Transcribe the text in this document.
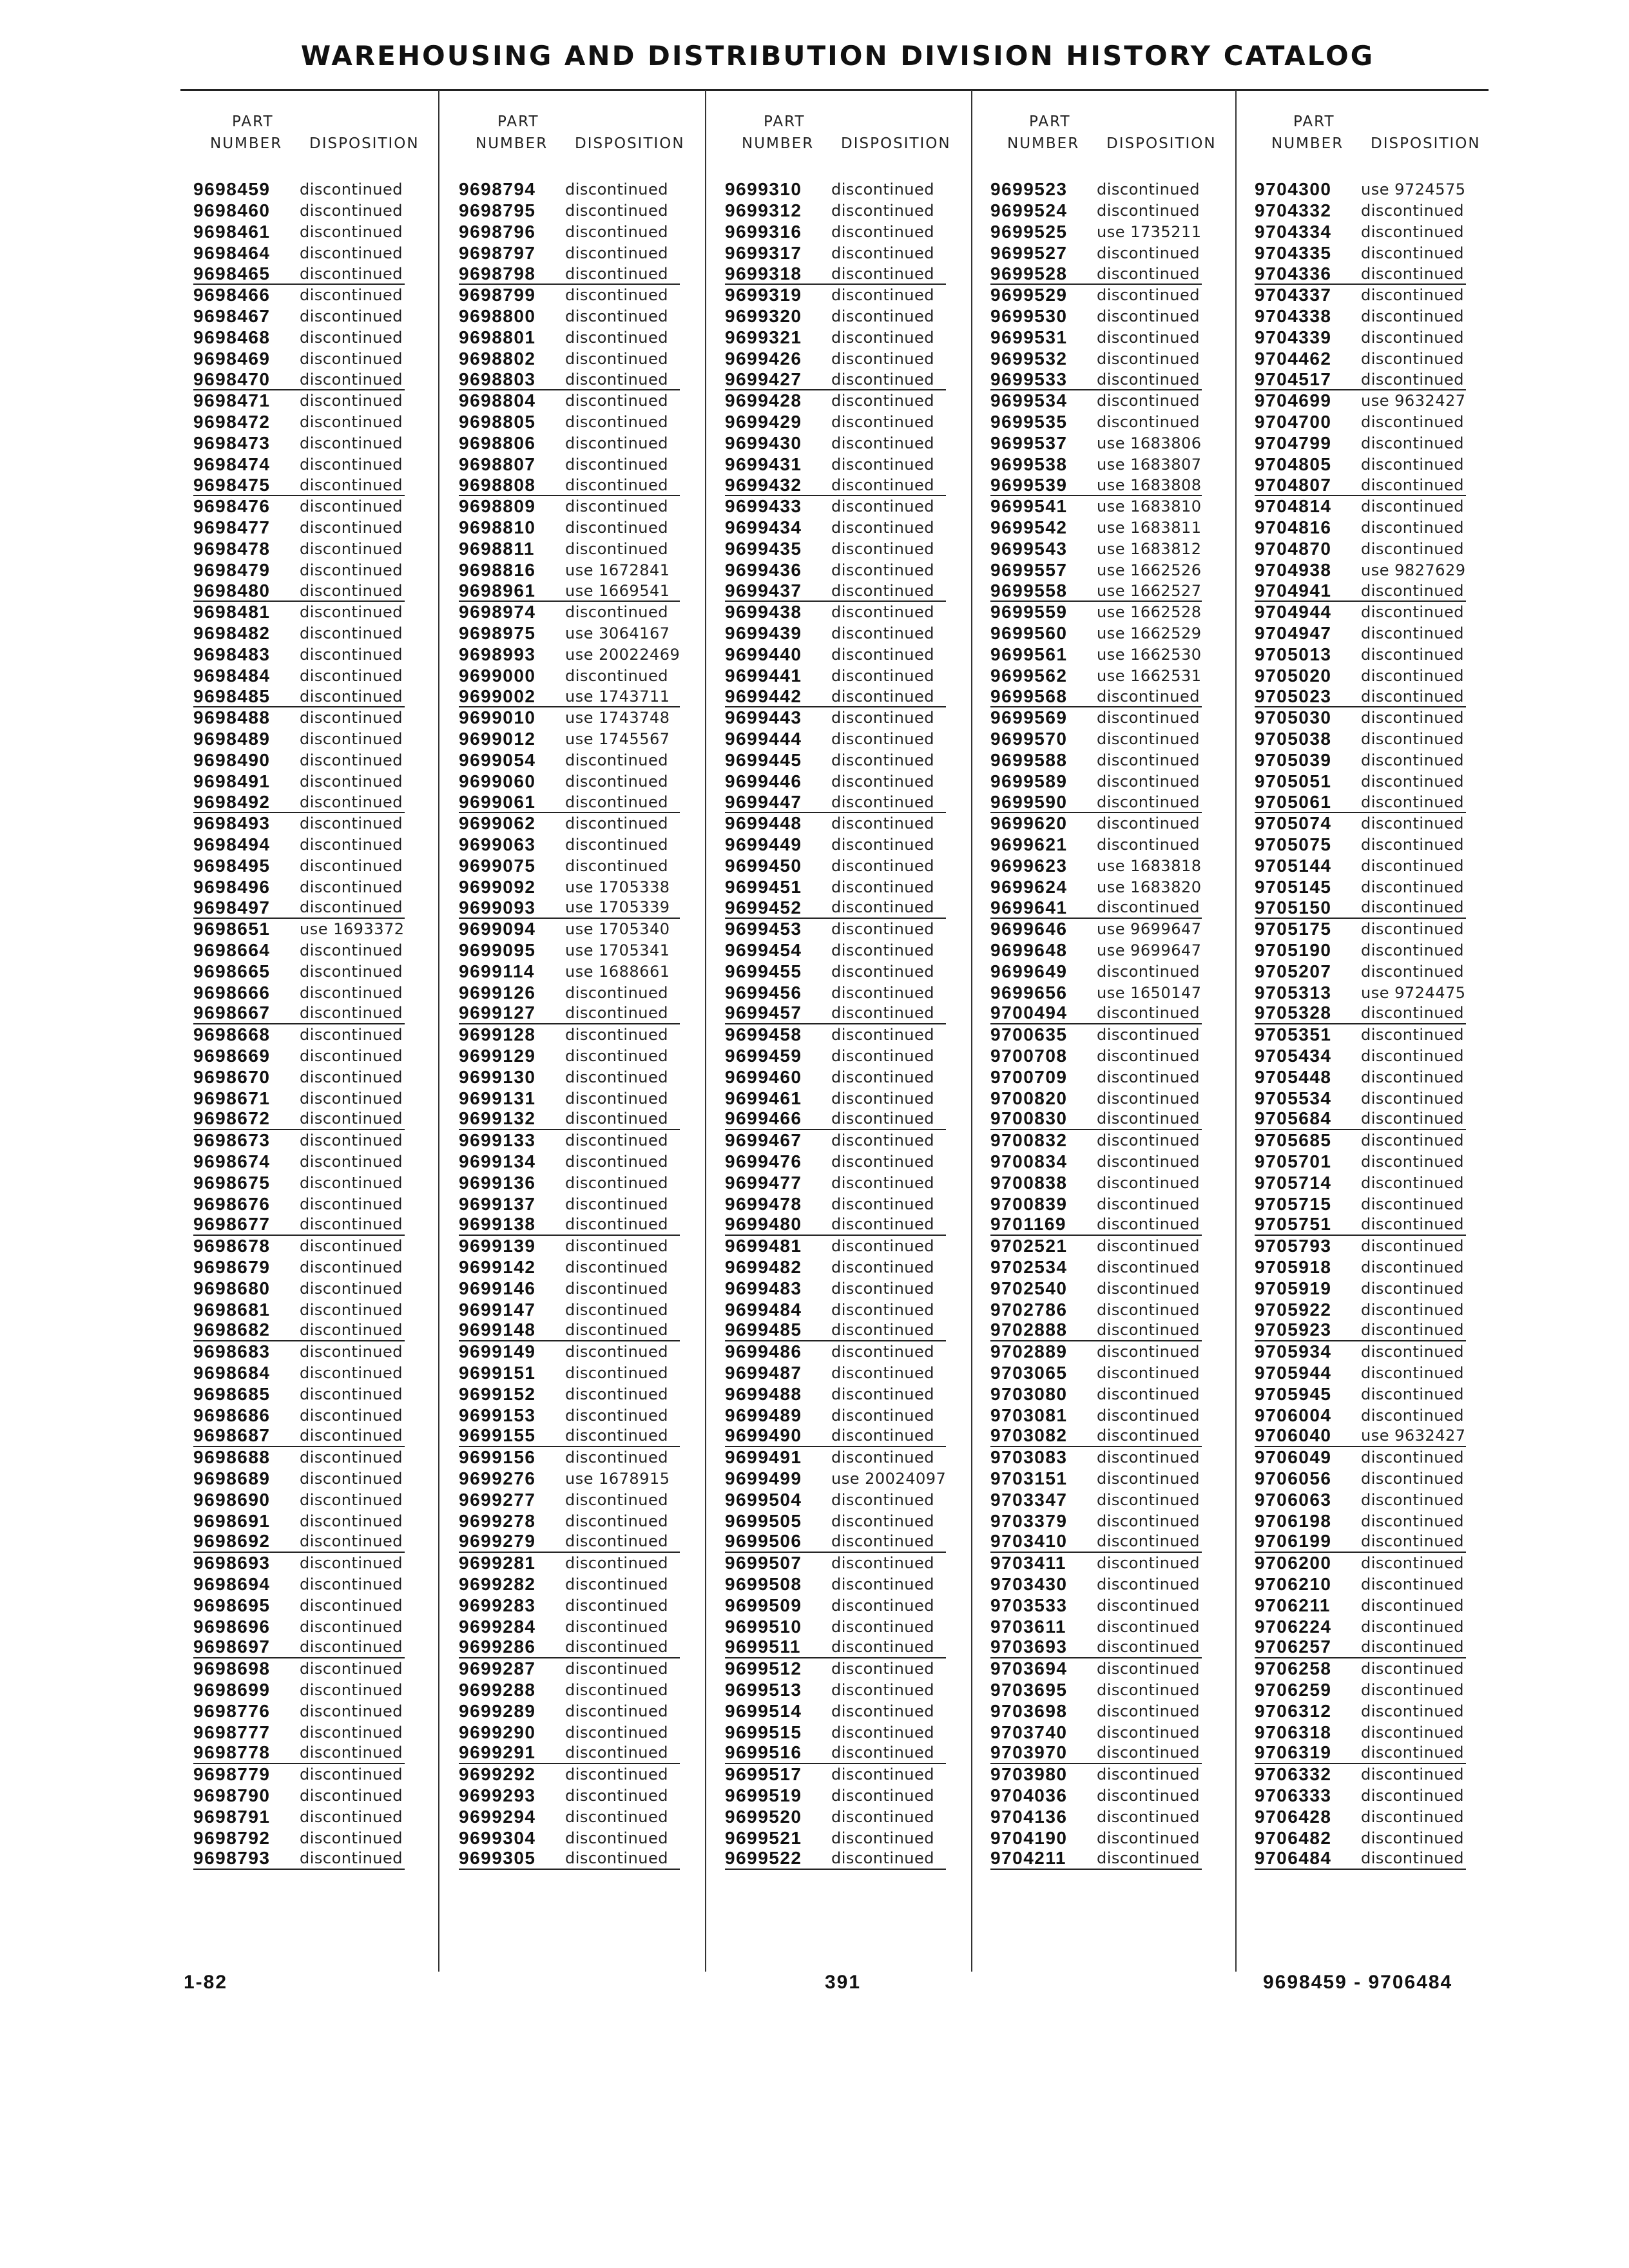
WAREHOUSING AND DISTRIBUTION DIVISION HISTORY CATALOG
PART
NUMBER DISPOSITION
9698459	discontinued
9698460	discontinued
9698461	discontinued
9698464	discontinued
9698465	discontinued
9698466	discontinued
9698467	discontinued
9698468	discontinued
9698469	discontinued
9698470	discontinued
9698471	discontinued
9698472	discontinued
9698473	discontinued
9698474	discontinued
9698475	discontinued
9698476	discontinued
9698477	discontinued
9698478	discontinued
9698479	discontinued
9698480	discontinued
9698481	discontinued
9698482	discontinued
9698483	discontinued
9698484	discontinued
9698485	discontinued
9698488	discontinued
9698489	discontinued
9698490	discontinued
9698491	discontinued
9698492	discontinued
9698493	discontinued
9698494	discontinued
9698495	discontinued
9698496	discontinued
9698497	discontinued
9698651	use 1693372
9698664	discontinued
9698665	discontinued
9698666	discontinued
9698667	discontinued
9698668	discontinued
9698669	discontinued
9698670	discontinued
9698671	discontinued
9698672	discontinued
9698673	discontinued
9698674	discontinued
9698675	discontinued
9698676	discontinued
9698677	discontinued
9698678	discontinued
9698679	discontinued
9698680	discontinued
9698681	discontinued
9698682	discontinued
9698683	discontinued
9698684	discontinued
9698685	discontinued
9698686	discontinued
9698687	discontinued
9698688	discontinued
9698689	discontinued
9698690	discontinued
9698691	discontinued
9698692	discontinued
9698693	discontinued
9698694	discontinued
9698695	discontinued
9698696	discontinued
9698697	discontinued
9698698	discontinued
9698699	discontinued
9698776	discontinued
9698777	discontinued
9698778	discontinued
9698779	discontinued
9698790	discontinued
9698791	discontinued
9698792	discontinued
9698793	discontinued
PART
NUMBER DISPOSITION
9698794	discontinued
9698795	discontinued
9698796	discontinued
9698797	discontinued
9698798	discontinued
9698799	discontinued
9698800	discontinued
9698801	discontinued
9698802	discontinued
9698803	discontinued
9698804	discontinued
9698805	discontinued
9698806	discontinued
9698807	discontinued
9698808	discontinued
9698809	discontinued
9698810	discontinued
9698811	discontinued
9698816	use 1672841
9698961	use 1669541
9698974	discontinued
9698975	use 3064167
9698993	use 20022469
9699000	discontinued
9699002	use 1743711
9699010	use 1743748
9699012	use 1745567
9699054	discontinued
9699060	discontinued
9699061	discontinued
9699062	discontinued
9699063	discontinued
9699075	discontinued
9699092	use 1705338
9699093	use 1705339
9699094	use 1705340
9699095	use 1705341
9699114	use 1688661
9699126	discontinued
9699127	discontinued
9699128	discontinued
9699129	discontinued
9699130	discontinued
9699131	discontinued
9699132	discontinued
9699133	discontinued
9699134	discontinued
9699136	discontinued
9699137	discontinued
9699138	discontinued
9699139	discontinued
9699142	discontinued
9699146	discontinued
9699147	discontinued
9699148	discontinued
9699149	discontinued
9699151	discontinued
9699152	discontinued
9699153	discontinued
9699155	discontinued
9699156	discontinued
9699276	use 1678915
9699277	discontinued
9699278	discontinued
9699279	discontinued
9699281	discontinued
9699282	discontinued
9699283	discontinued
9699284	discontinued
9699286	discontinued
9699287	discontinued
9699288	discontinued
9699289	discontinued
9699290	discontinued
9699291	discontinued
9699292	discontinued
9699293	discontinued
9699294	discontinued
9699304	discontinued
9699305	discontinued
PART
NUMBER DISPOSITION
9699310	discontinued
9699312	discontinued
9699316	discontinued
9699317	discontinued
9699318	discontinued
9699319	discontinued
9699320	discontinued
9699321	discontinued
9699426	discontinued
9699427	discontinued
9699428	discontinued
9699429	discontinued
9699430	discontinued
9699431	discontinued
9699432	discontinued
9699433	discontinued
9699434	discontinued
9699435	discontinued
9699436	discontinued
9699437	discontinued
9699438	discontinued
9699439	discontinued
9699440	discontinued
9699441	discontinued
9699442	discontinued
9699443	discontinued
9699444	discontinued
9699445	discontinued
9699446	discontinued
9699447	discontinued
9699448	discontinued
9699449	discontinued
9699450	discontinued
9699451	discontinued
9699452	discontinued
9699453	discontinued
9699454	discontinued
9699455	discontinued
9699456	discontinued
9699457	discontinued
9699458	discontinued
9699459	discontinued
9699460	discontinued
9699461	discontinued
9699466	discontinued
9699467	discontinued
9699476	discontinued
9699477	discontinued
9699478	discontinued
9699480	discontinued
9699481	discontinued
9699482	discontinued
9699483	discontinued
9699484	discontinued
9699485	discontinued
9699486	discontinued
9699487	discontinued
9699488	discontinued
9699489	discontinued
9699490	discontinued
9699491	discontinued
9699499	use 20024097
9699504	discontinued
9699505	discontinued
9699506	discontinued
9699507	discontinued
9699508	discontinued
9699509	discontinued
9699510	discontinued
9699511	discontinued
9699512	discontinued
9699513	discontinued
9699514	discontinued
9699515	discontinued
9699516	discontinued
9699517	discontinued
9699519	discontinued
9699520	discontinued
9699521	discontinued
9699522	discontinued
PART
NUMBER DISPOSITION
9699523	discontinued
9699524	discontinued
9699525	use 1735211
9699527	discontinued
9699528	discontinued
9699529	discontinued
9699530	discontinued
9699531	discontinued
9699532	discontinued
9699533	discontinued
9699534	discontinued
9699535	discontinued
9699537	use 1683806
9699538	use 1683807
9699539	use 1683808
9699541	use 1683810
9699542	use 1683811
9699543	use 1683812
9699557	use 1662526
9699558	use 1662527
9699559	use 1662528
9699560	use 1662529
9699561	use 1662530
9699562	use 1662531
9699568	discontinued
9699569	discontinued
9699570	discontinued
9699588	discontinued
9699589	discontinued
9699590	discontinued
9699620	discontinued
9699621	discontinued
9699623	use 1683818
9699624	use 1683820
9699641	discontinued
9699646	use 9699647
9699648	use 9699647
9699649	discontinued
9699656	use 1650147
9700494	discontinued
9700635	discontinued
9700708	discontinued
9700709	discontinued
9700820	discontinued
9700830	discontinued
9700832	discontinued
9700834	discontinued
9700838	discontinued
9700839	discontinued
9701169	discontinued
9702521	discontinued
9702534	discontinued
9702540	discontinued
9702786	discontinued
9702888	discontinued
9702889	discontinued
9703065	discontinued
9703080	discontinued
9703081	discontinued
9703082	discontinued
9703083	discontinued
9703151	discontinued
9703347	discontinued
9703379	discontinued
9703410	discontinued
9703411	discontinued
9703430	discontinued
9703533	discontinued
9703611	discontinued
9703693	discontinued
9703694	discontinued
9703695	discontinued
9703698	discontinued
9703740	discontinued
9703970	discontinued
9703980	discontinued
9704036	discontinued
9704136	discontinued
9704190	discontinued
9704211	discontinued
PART
NUMBER DISPOSITION
9704300	use 9724575
9704332	discontinued
9704334	discontinued
9704335	discontinued
9704336	discontinued
9704337	discontinued
9704338	discontinued
9704339	discontinued
9704462	discontinued
9704517	discontinued
9704699	use 9632427
9704700	discontinued
9704799	discontinued
9704805	discontinued
9704807	discontinued
9704814	discontinued
9704816	discontinued
9704870	discontinued
9704938	use 9827629
9704941	discontinued
9704944	discontinued
9704947	discontinued
9705013	discontinued
9705020	discontinued
9705023	discontinued
9705030	discontinued
9705038	discontinued
9705039	discontinued
9705051	discontinued
9705061	discontinued
9705074	discontinued
9705075	discontinued
9705144	discontinued
9705145	discontinued
9705150	discontinued
9705175	discontinued
9705190	discontinued
9705207	discontinued
9705313	use 9724475
9705328	discontinued
9705351	discontinued
9705434	discontinued
9705448	discontinued
9705534	discontinued
9705684	discontinued
9705685	discontinued
9705701	discontinued
9705714	discontinued
9705715	discontinued
9705751	discontinued
9705793	discontinued
9705918	discontinued
9705919	discontinued
9705922	discontinued
9705923	discontinued
9705934	discontinued
9705944	discontinued
9705945	discontinued
9706004	discontinued
9706040	use 9632427
9706049	discontinued
9706056	discontinued
9706063	discontinued
9706198	discontinued
9706199	discontinued
9706200	discontinued
9706210	discontinued
9706211	discontinued
9706224	discontinued
9706257	discontinued
9706258	discontinued
9706259	discontinued
9706312	discontinued
9706318	discontinued
9706319	discontinued
9706332	discontinued
9706333	discontinued
9706428	discontinued
9706482	discontinued
9706484	discontinued
1-82	391	9698459 - 9706484
